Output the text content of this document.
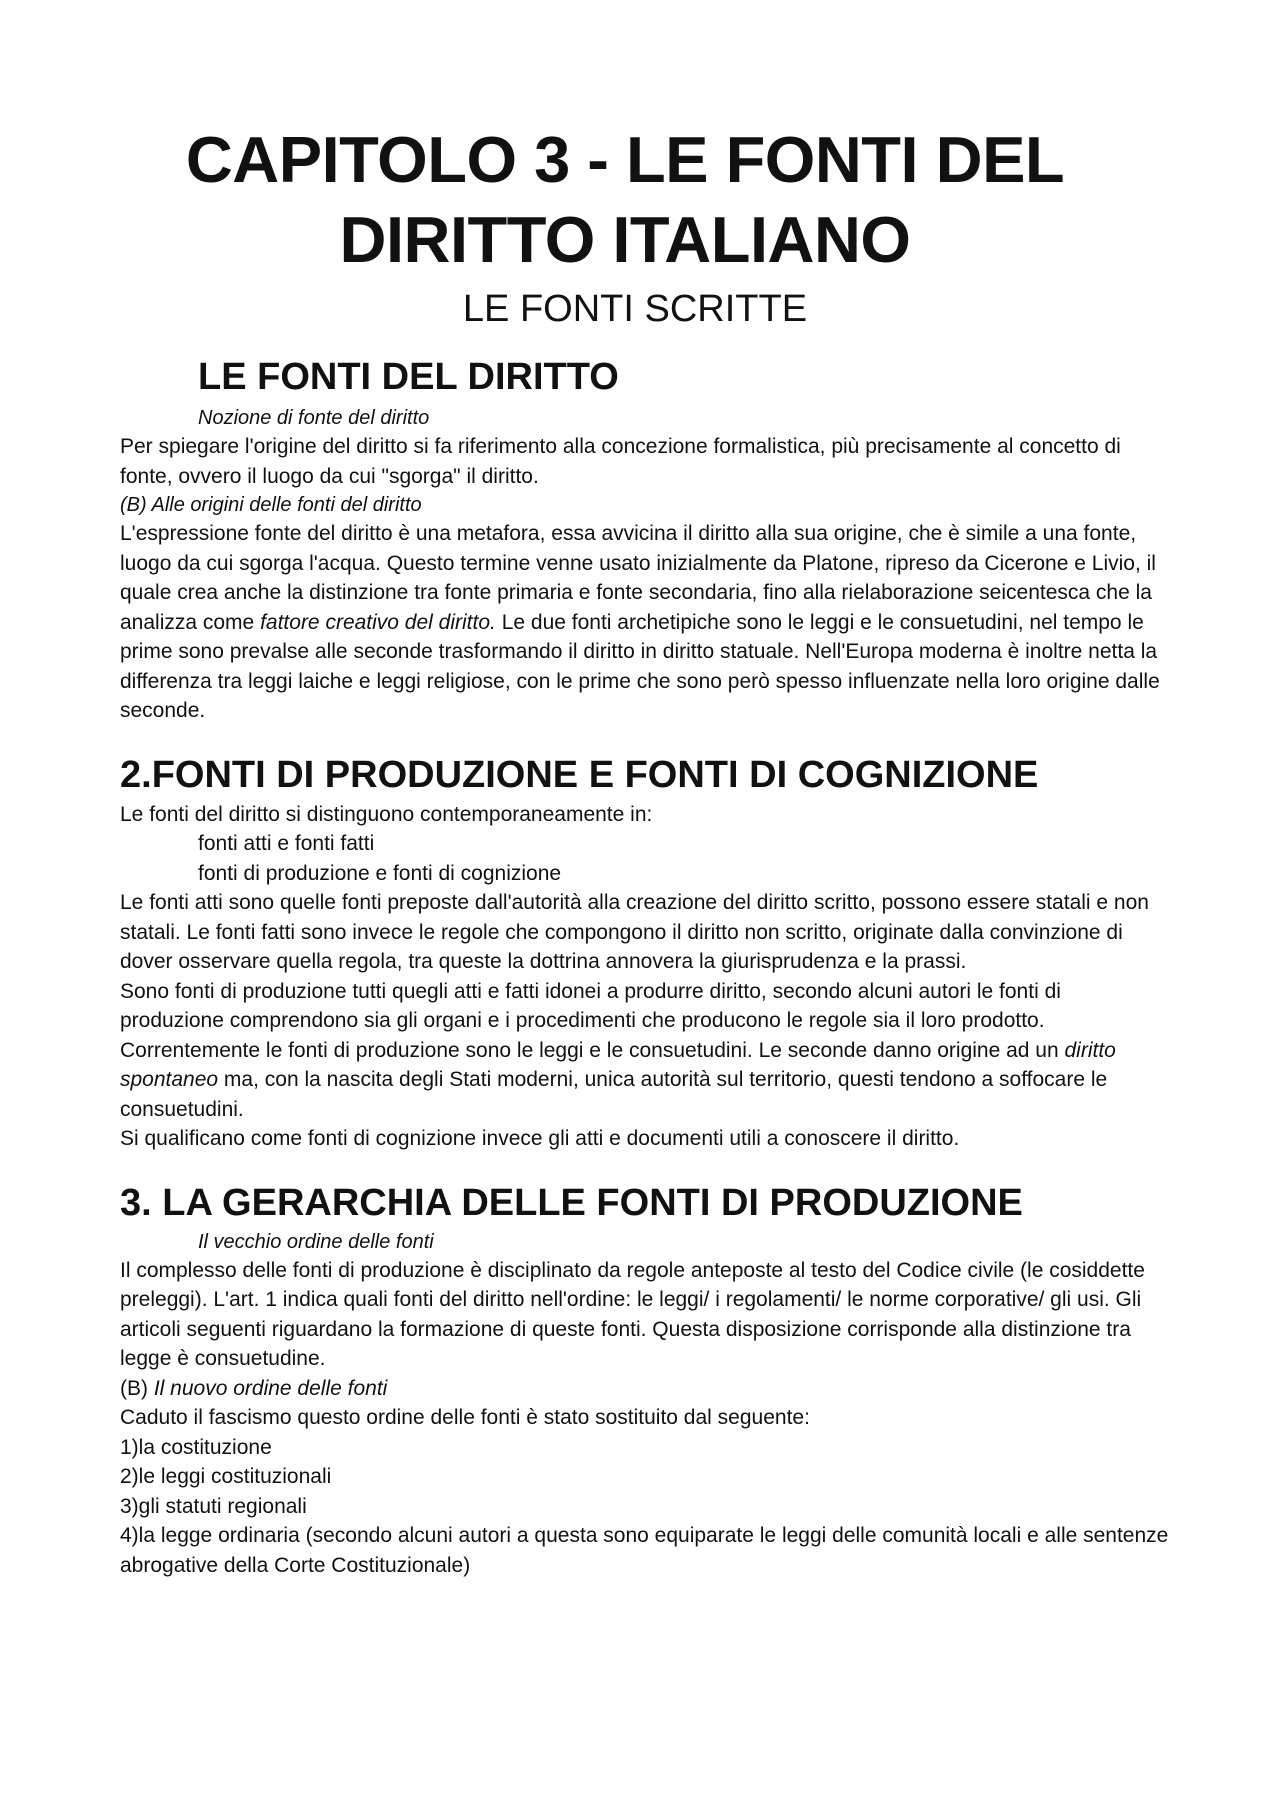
CAPITOLO 3 - LE FONTI DEL
DIRITTO ITALIANO
LE FONTI SCRITTE
LE FONTI DEL DIRITTO
Nozione di fonte del diritto

Per spiegare l'origine del diritto si fa riferimento alla concezione formalistica, più precisamente al concetto di fonte, ovvero il luogo da cui "sgorga" il diritto.

(B) Alle origini delle fonti del diritto

L'espressione fonte del diritto è una metafora, essa avvicina il diritto alla sua origine, che è simile a una fonte, luogo da cui sgorga l'acqua. Questo termine venne usato inizialmente da Platone, ripreso da Cicerone e Livio, il quale crea anche la distinzione tra fonte primaria e fonte secondaria, fino alla rielaborazione seicentesca che la analizza come fattore creativo del diritto. Le due fonti archetipiche sono le leggi e le consuetudini, nel tempo le prime sono prevalse alle seconde trasformando il diritto in diritto statuale. Nell'Europa moderna è inoltre netta la differenza tra leggi laiche e leggi religiose, con le prime che sono però spesso influenzate nella loro origine dalle seconde.

2.FONTI DI PRODUZIONE E FONTI DI COGNIZIONE

Le fonti del diritto si distinguono contemporaneamente in:

fonti atti e fonti fatti

fonti di produzione e fonti di cognizione

Le fonti atti sono quelle fonti preposte dall'autorità alla creazione del diritto scritto, possono essere statali e non statali. Le fonti fatti sono invece le regole che compongono il diritto non scritto, originate dalla convinzione di dover osservare quella regola, tra queste la dottrina annovera la giurisprudenza e la prassi.

Sono fonti di produzione tutti quegli atti e fatti idonei a produrre diritto, secondo alcuni autori le fonti di produzione comprendono sia gli organi e i procedimenti che producono le regole sia il loro prodotto. Correntemente le fonti di produzione sono le leggi e le consuetudini. Le seconde danno origine ad un diritto spontaneo ma, con la nascita degli Stati moderni, unica autorità sul territorio, questi tendono a soffocare le consuetudini.

Si qualificano come fonti di cognizione invece gli atti e documenti utili a conoscere il diritto.

3. LA GERARCHIA DELLE FONTI DI PRODUZIONE
Il vecchio ordine delle fonti

Il complesso delle fonti di produzione è disciplinato da regole anteposte al testo del Codice civile (le cosiddette preleggi). L'art. 1 indica quali fonti del diritto nell'ordine: le leggi/ i regolamenti/ le norme corporative/ gli usi. Gli articoli seguenti riguardano la formazione di queste fonti. Questa disposizione corrisponde alla distinzione tra legge è consuetudine.

(B) Il nuovo ordine delle fonti

Caduto il fascismo questo ordine delle fonti è stato sostituito dal seguente:

1)la costituzione

2)le leggi costituzionali

3)gli statuti regionali

4)la legge ordinaria (secondo alcuni autori a questa sono equiparate le leggi delle comunità locali e alle sentenze abrogative della Corte Costituzionale)
